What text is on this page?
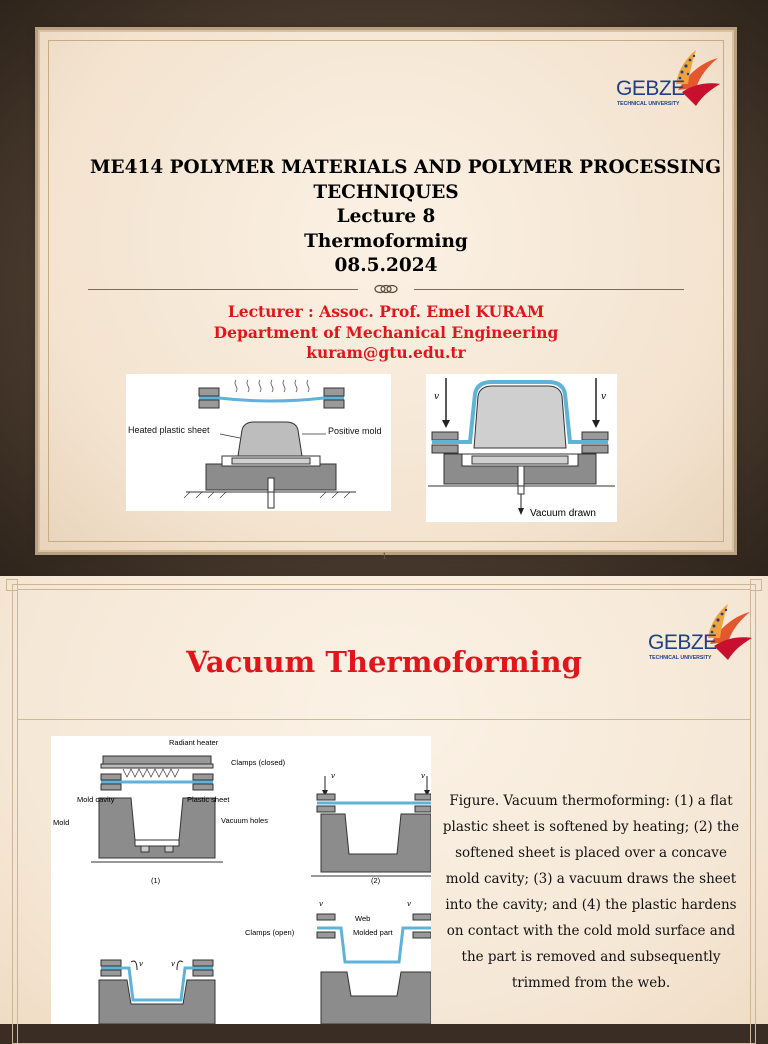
GEBZE
TECHNICAL UNIVERSITY
ME414 POLYMER MATERIALS AND POLYMER PROCESSING
TECHNIQUES
Lecture 8
Thermoforming
08.5.2024
Lecturer : Assoc. Prof. Emel KURAM
Department of Mechanical Engineering
kuram@gtu.edu.tr
Heated plastic sheet	Positive mold
v	v
Vacuum drawn
1
GEBZE
TECHNICAL UNIVERSITY
Vacuum Thermoforming
Radiant heater
Clamps (closed)
Mold cavity	Plastic sheet
Mold	Vacuum holes
(1)	(2)
Clamps (open)
Web
Molded part
v	v
v	v
v	v
Figure. Vacuum thermoforming: (1) a flat plastic sheet is softened by heating; (2) the softened sheet is placed over a concave mold cavity; (3) a vacuum draws the sheet into the cavity; and (4) the plastic hardens on contact with the cold mold surface and the part is removed and subsequently trimmed from the web.
